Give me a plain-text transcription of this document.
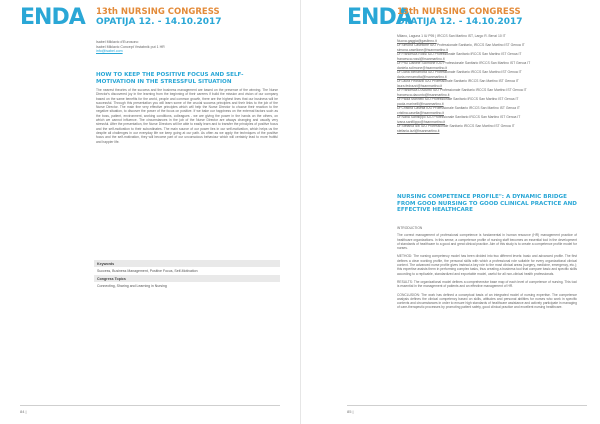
ENDA 13th NURSING CONGRESS
OPATIJA 12. - 14.10.2017
Isabel Miklavic d'Eurosono
Isabel Miklavic Concept Vrstabnik put 1 HR
info@isabel.com
HOW TO KEEP THE POSITIVE FOCUS AND SELF-MOTIVATION IN THE STRESSFUL SITUATION

The nearest theories of the success and the business management are based on the presence of the winning. The Nurse Director's discovered joy in the learning from the beginning of their careers if build the mission and vision of our company based on the same benefits for the world, people and common growth, there are the highest lines that our business will be successful. Through this presentation you will learn some of the crucial success principles and their links to the job of the Nurse Director. The main fine very effective principles which will help the Nurse Director to choose their reaction to the negative situation, to discover the power of the focus on positive. If we bake our happiness on the external factors such as the boss, patient, environment, working conditions, colleagues - we are giving the power in the hands on the others, on which we cannot influence. The circumstances in the job of the Nurse Director are always changing and usually very stressful. After the presentation, the Nurse Directors will be able to easily learn and to transfer the principles of positive focus and the self-motivation to their subordinates. The main source of our power lies in our self-motivation, which helps us the despite all challenges in our everyday life we keep going at our path. As often as we apply the techniques of the positive focus and the self-motivation, they will become part of our unconscious behaviour which will certainly lead to more fruitful and happier life.

Keywords
Success, Business Management, Positive Focus, Self-Motivation
Congress Topics
Connecting, Sharing and Learning in Nursing
84 |
ENDA
13th NURSING CONGRESS
OPATIJA 12. - 14.10.2017
Milano, Laguna 1 IU P95 | IRCCS San Martino IST, Largo R. Benzi 10 IT
Nuova.gaggia@gaslinno.it
Dr Simona Casellone IUO Professionale Sanitario, IRCCS San Martino IST Genoa IT
simona.casellone@hsanmartino.it
Dr Francesca Rossi IUO Professionale Sanitario IRCCS San Martino IST Genoa IT
francesca.rossi@hsanmartino.it
Dr PhD Daniele Sclimone IUO Professionale Sanitario IRCCS San Martino IST Genoa IT
daniela.sclimone@hsanmartino.it
Dr Daria Menarrotta IUO Professionale Sanitario IRCCS San Martino IST Genoa IT
daria.menarrotta@hsanmartino.it
Dr Laura Fedrazzi IUO Professionale Sanitario IRCCS San Martino IST Genoa IT
laura.fedrazzi@hsanmartino.it
Dr Francesca D'Acunto IUO Professionale Sanitario IRCCS San Martino IST Genoa IT
francesca.dacunto@hsanmartino.it
Dr Paola Marinelli IUO Professionale Sanitario IRCCS San Martino IST Genoa IT
paola.marinelli@hsanmartino.it
Dr Cristina Casella IUO Professionale Sanitario IRCCS San Martino IST Genoa IT
cristina.casella@hsanmartino.it
Dr Ivana Sanfilippo IUO Professionale Sanitario IRCCS San Martino IST Genoa IT
ivana.sanfilippo@hsanmartino.it
Dr Stefania Izzi IUO Professionale Sanitario IRCCS San Martino IST Genoa IT
stefania.izzi@hsanmartino.it
NURSING COMPETENCE PROFILE": A DYNAMIC BRIDGE FROM GOOD NURSING TO GOOD CLINICAL PRACTICE AND EFFECTIVE HEALTHCARE

INTRODUCTION

The correct management of professional competence is fundamental in human resource (HR) management practice of healthcare organizations. In this sense, a competence profile of nursing staff becomes an essential tool in the development of standards of healthcare to a good and great clinical practice. Aim of this study is to create a competence profile model for nurses.

METHOD: The nursing competency model has been divided into two different levels: basic and advanced profile. The first defines a clear working profile, the personal skills with which a professional role suitable for every organizational clinical context. The advanced nurse profile gives instead a key role to the most clinical areas (surgery, medicine, emergency, etc.); this expertise assists them in performing complex tasks, thus creating a business tool that compare basic and specific skills according to a replicable, standardized and exportable model, useful for all non-clinical health professionals.

RESULTS: The organizational model defines a comprehensive base map of each level of competence of nursing. This tool is essential in the management of patients and an effective management of HR.

CONCLUSION: The work has defined a conceptual basis of an integrated model of nursing expertise. The competence analysis defines the clinical competency based on skills, attitudes and personal abilities for nurses who work in specific contexts and circumstances in order to ensure high standards of healthcare assistance and actively participate in managing of care-therapeutic processes by promoting patient safety, good clinical practice and excellent nursing healthcare.

85 |
